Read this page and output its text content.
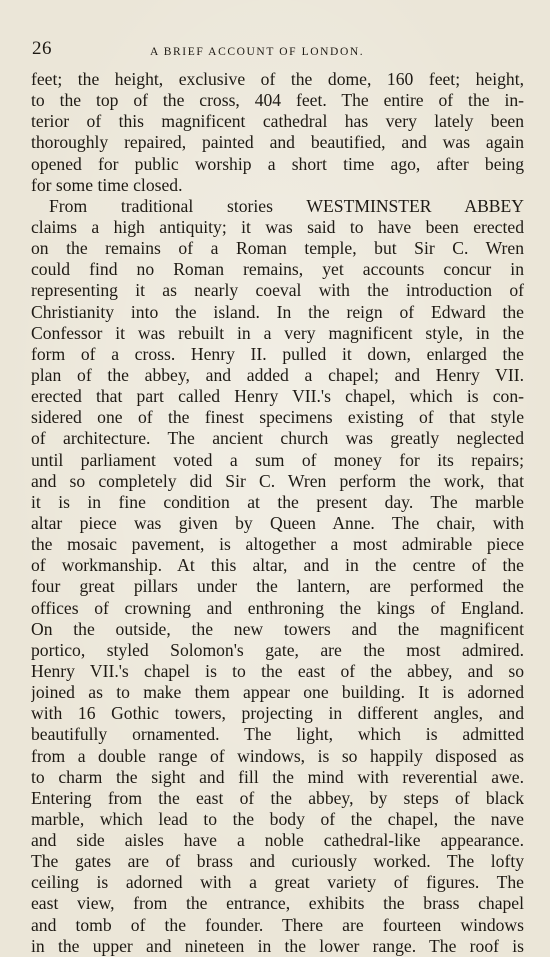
26	A BRIEF ACCOUNT OF LONDON.
feet; the height, exclusive of the dome, 160 feet; height,
to the top of the cross, 404 feet. The entire of the in-
terior of this magnificent cathedral has very lately been
thoroughly repaired, painted and beautified, and was again
opened for public worship a short time ago, after being
for some time closed.
From traditional stories WESTMINSTER ABBEY
claims a high antiquity; it was said to have been erected
on the remains of a Roman temple, but Sir C. Wren
could find no Roman remains, yet accounts concur in
representing it as nearly coeval with the introduction of
Christianity into the island. In the reign of Edward the
Confessor it was rebuilt in a very magnificent style, in the
form of a cross. Henry II. pulled it down, enlarged the
plan of the abbey, and added a chapel; and Henry VII.
erected that part called Henry VII.'s chapel, which is con-
sidered one of the finest specimens existing of that style
of architecture. The ancient church was greatly neglected
until parliament voted a sum of money for its repairs;
and so completely did Sir C. Wren perform the work, that
it is in fine condition at the present day. The marble
altar piece was given by Queen Anne. The chair, with
the mosaic pavement, is altogether a most admirable piece
of workmanship. At this altar, and in the centre of the
four great pillars under the lantern, are performed the
offices of crowning and enthroning the kings of England.
On the outside, the new towers and the magnificent
portico, styled Solomon's gate, are the most admired.
Henry VII.'s chapel is to the east of the abbey, and so
joined as to make them appear one building. It is adorned
with 16 Gothic towers, projecting in different angles, and
beautifully ornamented. The light, which is admitted
from a double range of windows, is so happily disposed as
to charm the sight and fill the mind with reverential awe.
Entering from the east of the abbey, by steps of black
marble, which lead to the body of the chapel, the nave
and side aisles have a noble cathedral-like appearance.
The gates are of brass and curiously worked. The lofty
ceiling is adorned with a great variety of figures. The
east view, from the entrance, exhibits the brass chapel
and tomb of the founder. There are fourteen windows
in the upper and nineteen in the lower range. The roof is
